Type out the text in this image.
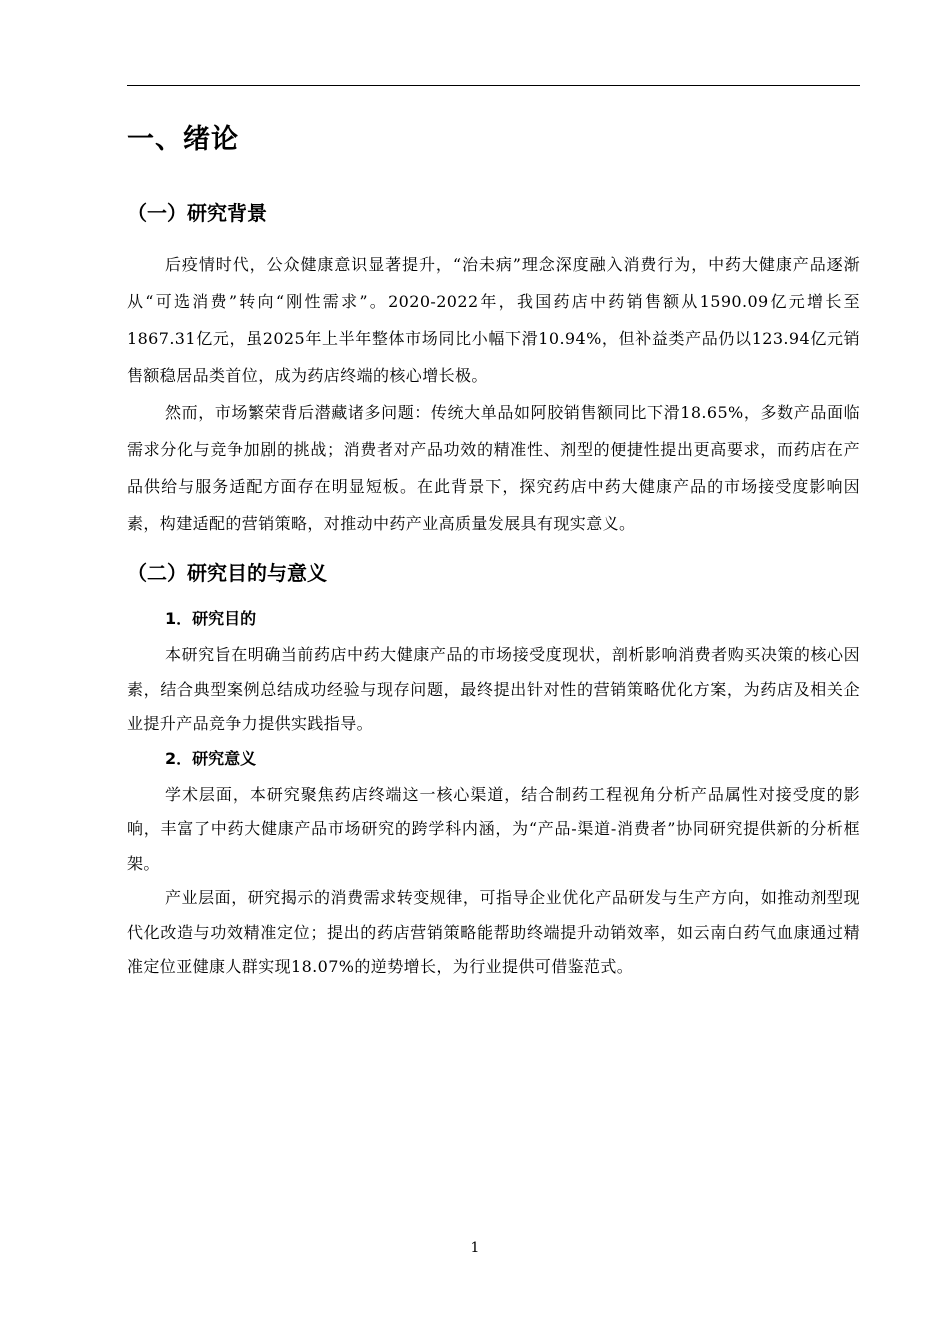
一、绪论
（一）研究背景

后疫情时代，公众健康意识显著提升，“治未病”理念深度融入消费行为，中药大健康产品逐渐从“可选消费”转向“刚性需求”。2020-2022年，我国药店中药销售额从1590.09亿元增长至1867.31亿元，虽2025年上半年整体市场同比小幅下滑10.94%，但补益类产品仍以123.94亿元销售额稳居品类首位，成为药店终端的核心增长极。

然而，市场繁荣背后潜藏诸多问题：传统大单品如阿胶销售额同比下滑18.65%，多数产品面临需求分化与竞争加剧的挑战；消费者对产品功效的精准性、剂型的便捷性提出更高要求，而药店在产品供给与服务适配方面存在明显短板。在此背景下，探究药店中药大健康产品的市场接受度影响因素，构建适配的营销策略，对推动中药产业高质量发展具有现实意义。

（二）研究目的与意义
1．研究目的

本研究旨在明确当前药店中药大健康产品的市场接受度现状，剖析影响消费者购买决策的核心因素，结合典型案例总结成功经验与现存问题，最终提出针对性的营销策略优化方案，为药店及相关企业提升产品竞争力提供实践指导。

2．研究意义

学术层面，本研究聚焦药店终端这一核心渠道，结合制药工程视角分析产品属性对接受度的影响，丰富了中药大健康产品市场研究的跨学科内涵，为“产品-渠道-消费者”协同研究提供新的分析框架。

产业层面，研究揭示的消费需求转变规律，可指导企业优化产品研发与生产方向，如推动剂型现代化改造与功效精准定位；提出的药店营销策略能帮助终端提升动销效率，如云南白药气血康通过精准定位亚健康人群实现18.07%的逆势增长，为行业提供可借鉴范式。

1
